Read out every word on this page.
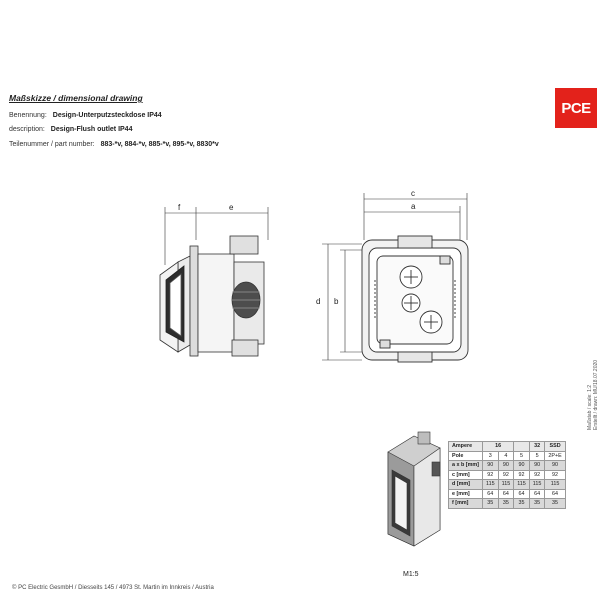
Maßskizze / dimensional drawing
Benennung: Design-Unterputzsteckdose IP44
description: Design-Flush outlet IP44
Teilenummer / part number: 883-*v, 884-*v, 885-*v, 895-*v, 8830*v
PCE
f	e
c
a
d b
M1:5
Ampere	16			32	SSD
Pole	3	4	5	5	2P+E
a x b [mm]	90	90	90	90	90
c [mm]	92	92	92	92	92
d [mm]	115	115	115	115	115
e [mm]	64	64	64	64	64
f [mm]	35	35	35	35	35
Maßstab / scale: 1:2 Erstellt / drawn: MU/18.07.2020
© PC Electric GesmbH / Diesseits 145 / 4973 St. Martin im Innkreis / Austria
